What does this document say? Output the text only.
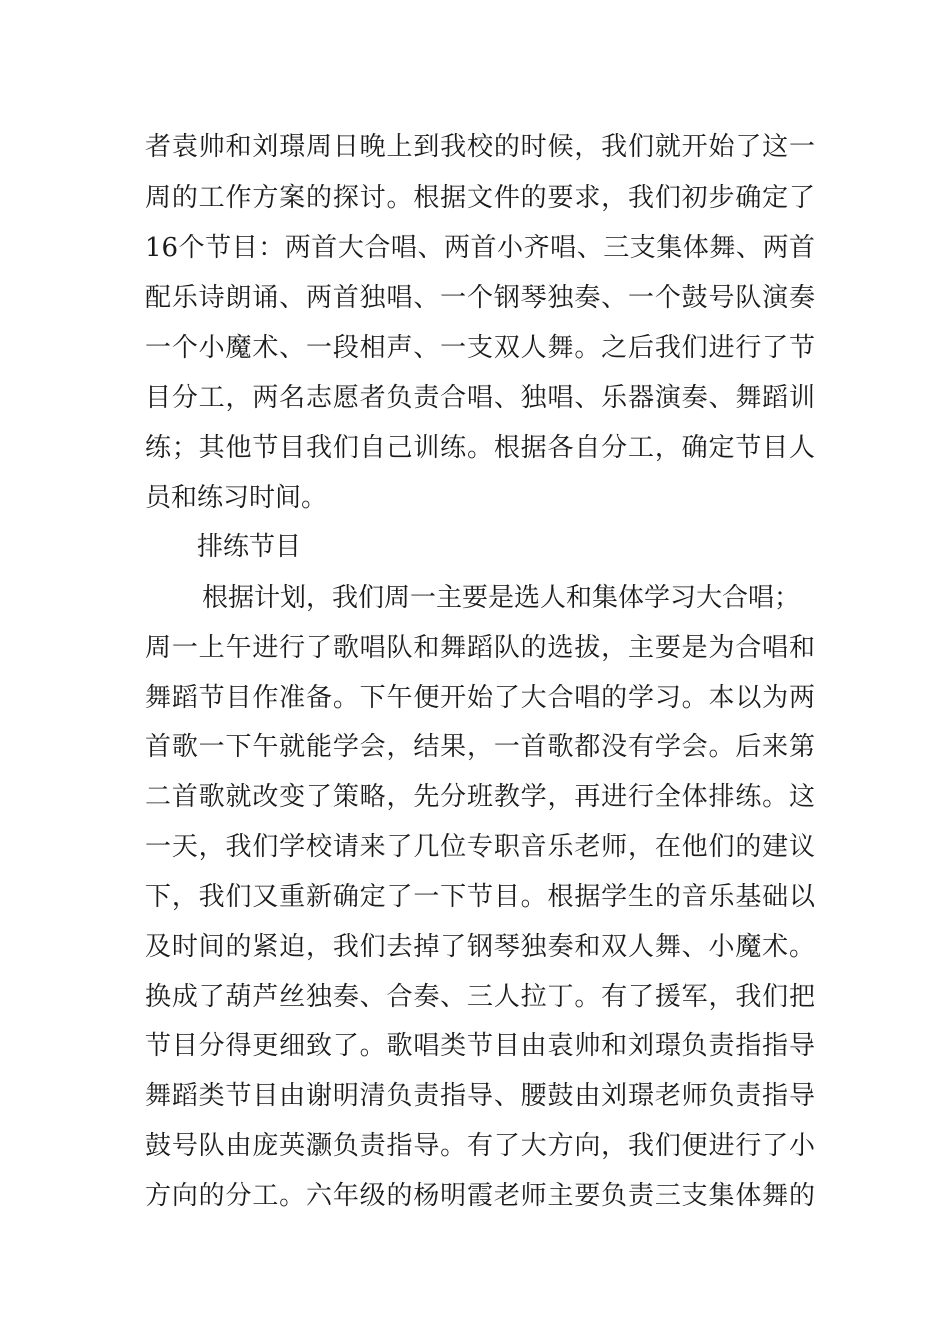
者袁帅和刘璟周日晚上到我校的时候，我们就开始了这一
周的工作方案的探讨。根据文件的要求，我们初步确定了
16个节目：两首大合唱、两首小齐唱、三支集体舞、两首
配乐诗朗诵、两首独唱、一个钢琴独奏、一个鼓号队演奏
一个小魔术、一段相声、一支双人舞。之后我们进行了节
目分工，两名志愿者负责合唱、独唱、乐器演奏、舞蹈训
练；其他节目我们自己训练。根据各自分工，确定节目人
员和练习时间。
排练节目
根据计划，我们周一主要是选人和集体学习大合唱；
周一上午进行了歌唱队和舞蹈队的选拔，主要是为合唱和
舞蹈节目作准备。下午便开始了大合唱的学习。本以为两
首歌一下午就能学会，结果，一首歌都没有学会。后来第
二首歌就改变了策略，先分班教学，再进行全体排练。这
一天，我们学校请来了几位专职音乐老师，在他们的建议
下，我们又重新确定了一下节目。根据学生的音乐基础以
及时间的紧迫，我们去掉了钢琴独奏和双人舞、小魔术。
换成了葫芦丝独奏、合奏、三人拉丁。有了援军，我们把
节目分得更细致了。歌唱类节目由袁帅和刘璟负责指指导
舞蹈类节目由谢明清负责指导、腰鼓由刘璟老师负责指导
鼓号队由庞英灏负责指导。有了大方向，我们便进行了小
方向的分工。六年级的杨明霞老师主要负责三支集体舞的
